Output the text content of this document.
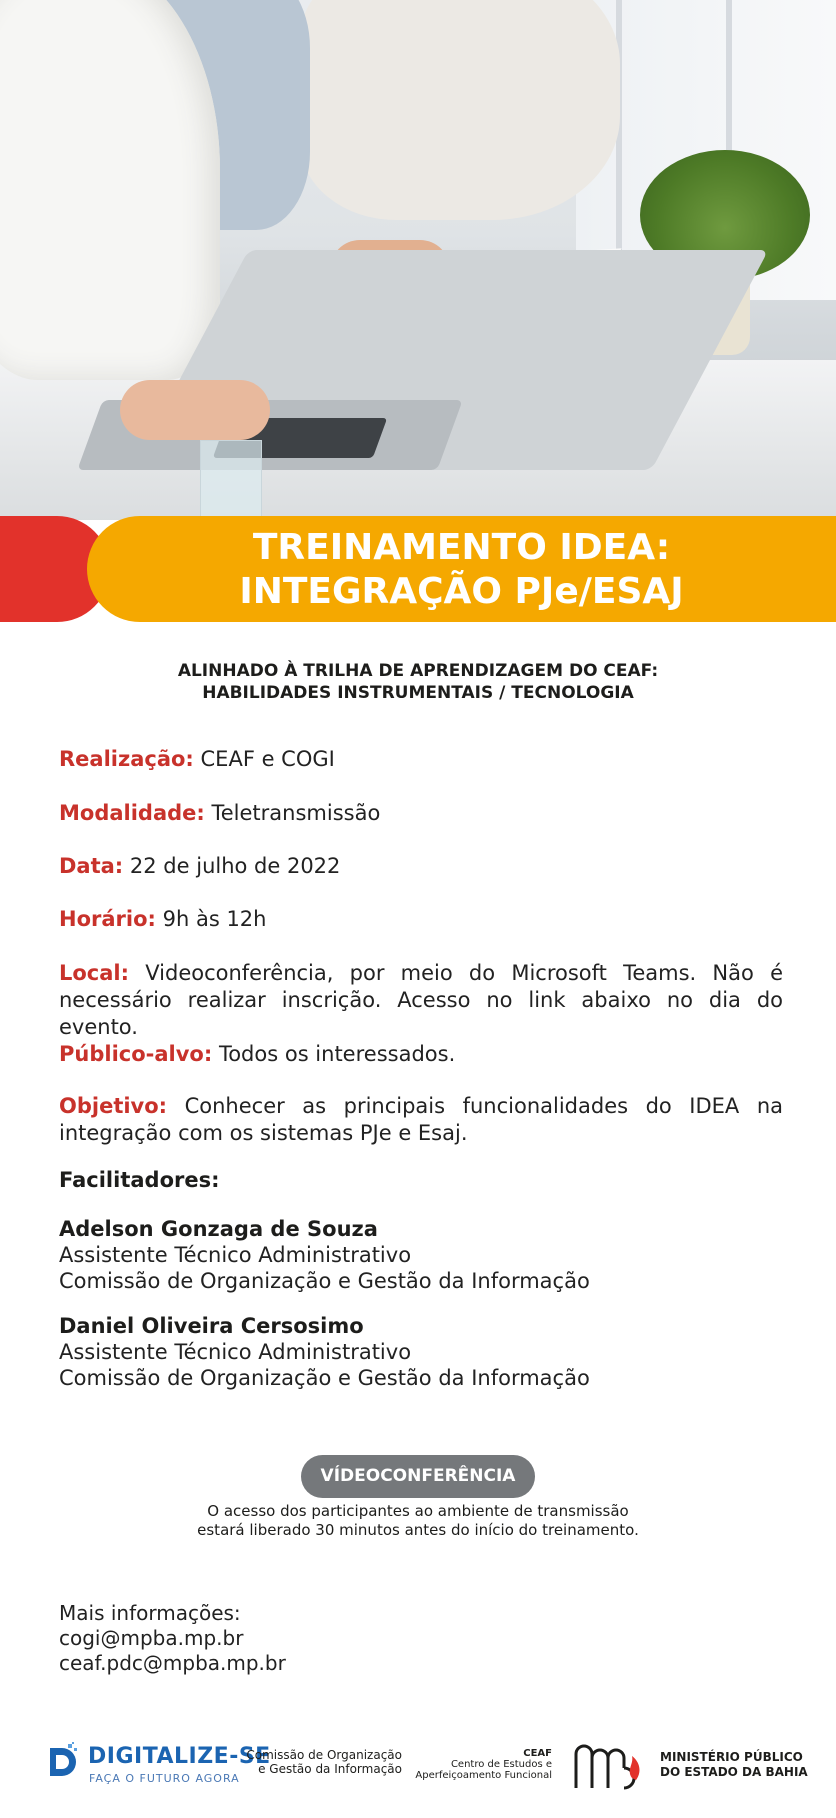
TREINAMENTO IDEA:
INTEGRAÇÃO PJe/ESAJ
ALINHADO À TRILHA DE APRENDIZAGEM DO CEAF:
HABILIDADES INSTRUMENTAIS / TECNOLOGIA
Realização: CEAF e COGI
Modalidade: Teletransmissão
Data: 22 de julho de 2022
Horário: 9h às 12h
Local: Videoconferência, por meio do Microsoft Teams. Não é necessário realizar inscrição. Acesso no link abaixo no dia do evento.
Público-alvo: Todos os interessados.
Objetivo: Conhecer as principais funcionalidades do IDEA na integração com os sistemas PJe e Esaj.
Facilitadores:
Adelson Gonzaga de Souza
Assistente Técnico Administrativo
Comissão de Organização e Gestão da Informação
Daniel Oliveira Cersosimo
Assistente Técnico Administrativo
Comissão de Organização e Gestão da Informação
VÍDEOCONFERÊNCIA
O acesso dos participantes ao ambiente de transmissão
estará liberado 30 minutos antes do início do treinamento.
Mais informações:
cogi@mpba.mp.br
ceaf.pdc@mpba.mp.br
DIGITALIZE-SE
FAÇA O FUTURO AGORA
Comissão de Organização
e Gestão da Informação
CEAF
Centro de Estudos e
Aperfeiçoamento Funcional
MINISTÉRIO PÚBLICO
DO ESTADO DA BAHIA
